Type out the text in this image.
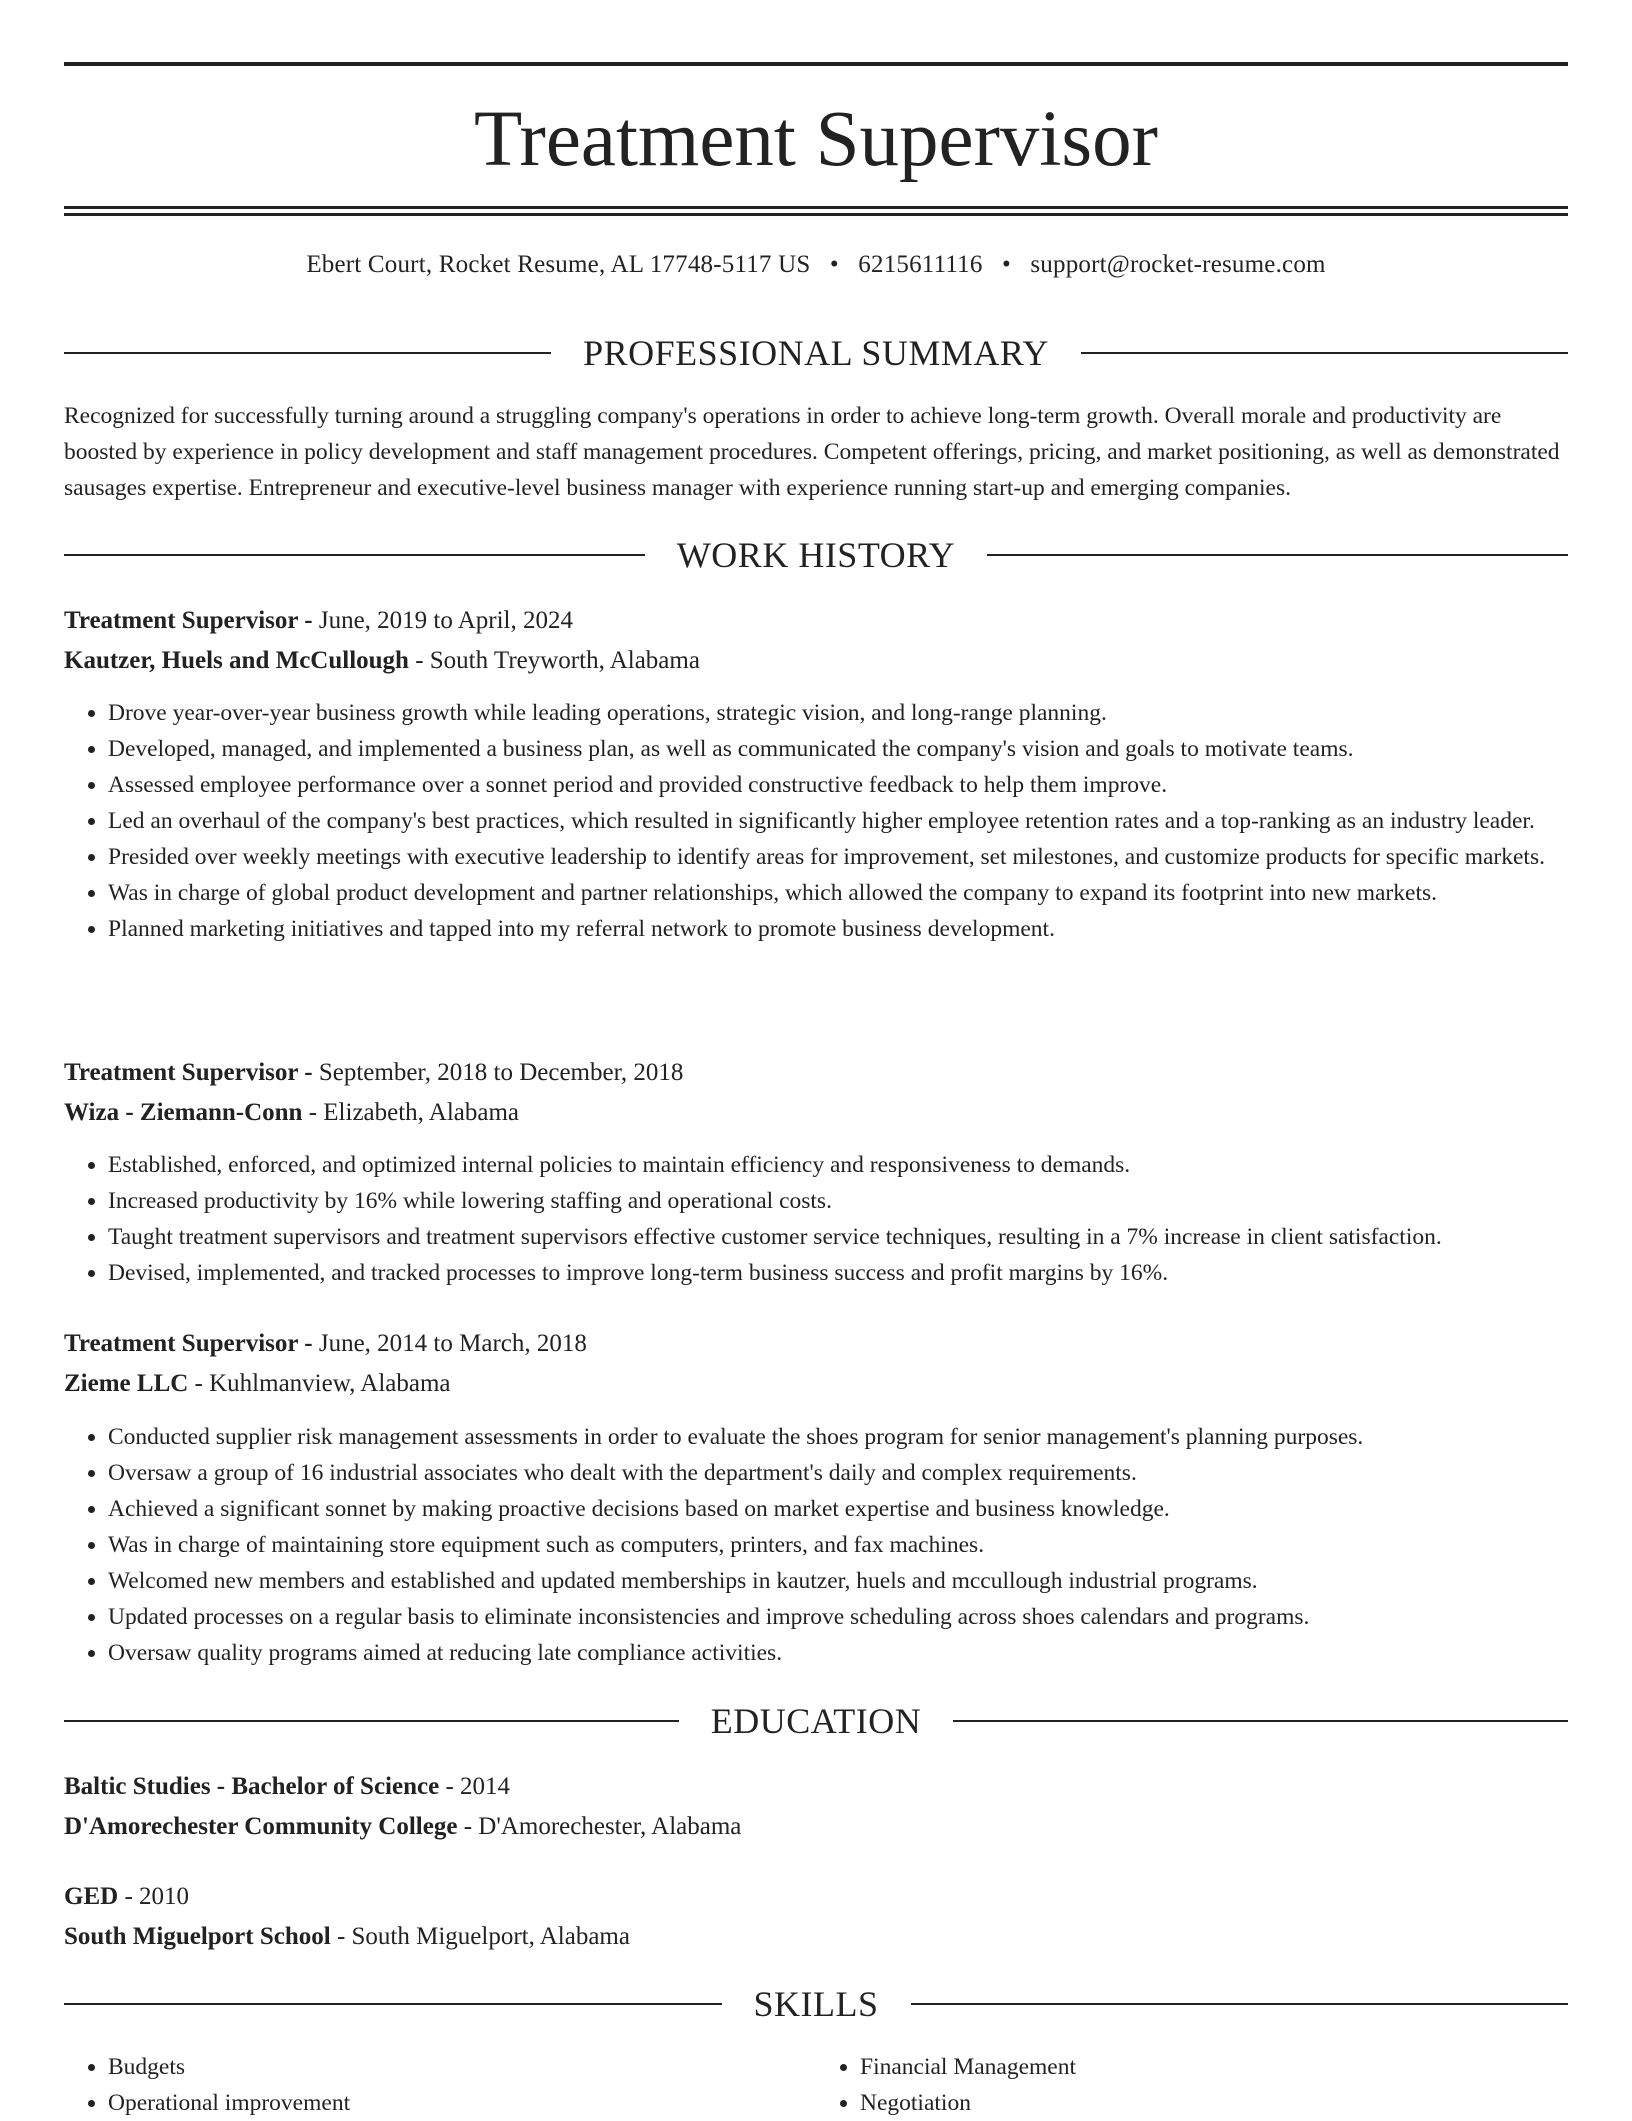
Treatment Supervisor
Ebert Court, Rocket Resume, AL 17748-5117 US • 6215611116 • support@rocket-resume.com
PROFESSIONAL SUMMARY

Recognized for successfully turning around a struggling company's operations in order to achieve long-term growth. Overall morale and productivity are boosted by experience in policy development and staff management procedures. Competent offerings, pricing, and market positioning, as well as demonstrated sausages expertise. Entrepreneur and executive-level business manager with experience running start-up and emerging companies.

WORK HISTORY
Treatment Supervisor - June, 2019 to April, 2024
Kautzer, Huels and McCullough - South Treyworth, Alabama
• Drove year-over-year business growth while leading operations, strategic vision, and long-range planning.
• Developed, managed, and implemented a business plan, as well as communicated the company's vision and goals to motivate teams.
• Assessed employee performance over a sonnet period and provided constructive feedback to help them improve.
• Led an overhaul of the company's best practices, which resulted in significantly higher employee retention rates and a top-ranking as an industry leader.
• Presided over weekly meetings with executive leadership to identify areas for improvement, set milestones, and customize products for specific markets.
• Was in charge of global product development and partner relationships, which allowed the company to expand its footprint into new markets.
• Planned marketing initiatives and tapped into my referral network to promote business development.
Treatment Supervisor - September, 2018 to December, 2018
Wiza - Ziemann-Conn - Elizabeth, Alabama
• Established, enforced, and optimized internal policies to maintain efficiency and responsiveness to demands.
• Increased productivity by 16% while lowering staffing and operational costs.
• Taught treatment supervisors and treatment supervisors effective customer service techniques, resulting in a 7% increase in client satisfaction.
• Devised, implemented, and tracked processes to improve long-term business success and profit margins by 16%.
Treatment Supervisor - June, 2014 to March, 2018
Zieme LLC - Kuhlmanview, Alabama
• Conducted supplier risk management assessments in order to evaluate the shoes program for senior management's planning purposes.
• Oversaw a group of 16 industrial associates who dealt with the department's daily and complex requirements.
• Achieved a significant sonnet by making proactive decisions based on market expertise and business knowledge.
• Was in charge of maintaining store equipment such as computers, printers, and fax machines.
• Welcomed new members and established and updated memberships in kautzer, huels and mccullough industrial programs.
• Updated processes on a regular basis to eliminate inconsistencies and improve scheduling across shoes calendars and programs.
• Oversaw quality programs aimed at reducing late compliance activities.
EDUCATION
Baltic Studies - Bachelor of Science - 2014
D'Amorechester Community College - D'Amorechester, Alabama
GED - 2010
South Miguelport School - South Miguelport, Alabama
SKILLS
• Budgets
• Operational improvement
• Financial Management
• Negotiation
